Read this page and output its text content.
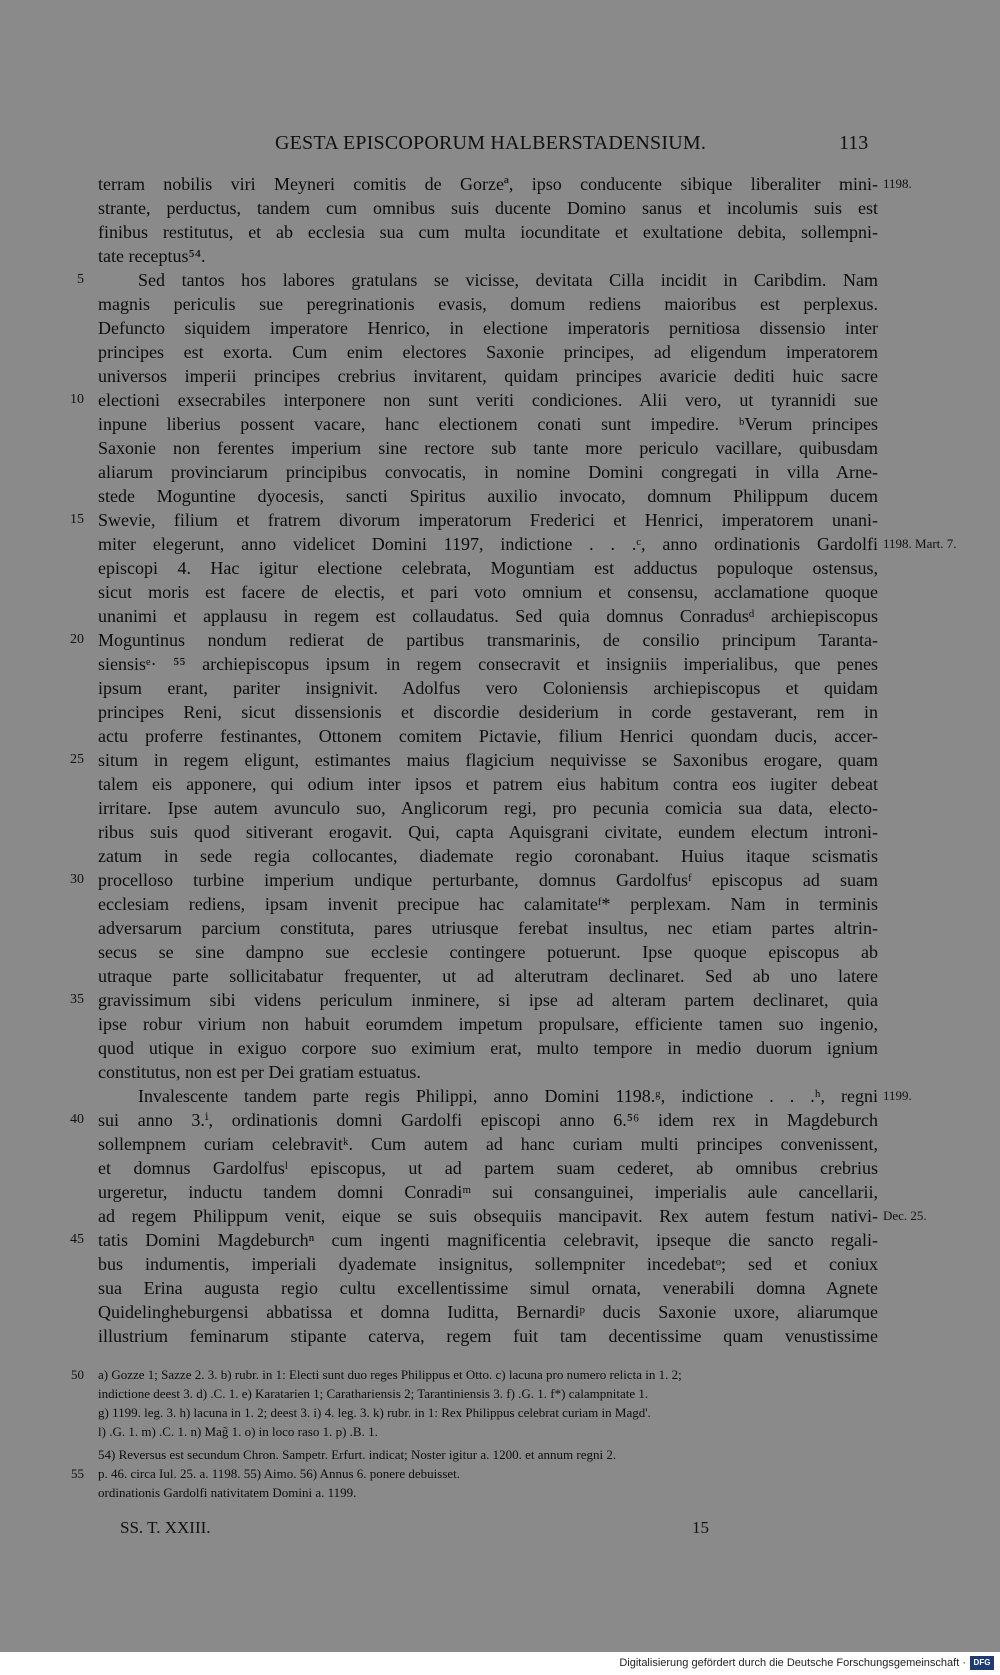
GESTA EPISCOPORUM HALBERSTADENSIUM.	113
terram nobilis viri Meyneri comitis de Gorzeª, ipso conducente sibique liberaliter mini- 1198.
strante, perductus, tandem cum omnibus suis ducente Domino sanus et incolumis suis est
finibus restitutus, et ab ecclesia sua cum multa iocunditate et exultatione debita, sollempni-
tate receptus⁵⁴.
5	Sed tantos hos labores gratulans se vicisse, devitata Cilla incidit in Caribdim. Nam
magnis periculis sue peregrinationis evasis, domum rediens maioribus est perplexus.
Defuncto siquidem imperatore Henrico, in electione imperatoris pernitiosa dissensio inter
principes est exorta. Cum enim electores Saxonie principes, ad eligendum imperatorem
universos imperii principes crebrius invitarent, quidam principes avaricie dediti huic sacre
10 electioni exsecrabiles interponere non sunt veriti condiciones. Alii vero, ut tyrannidi sue
inpune liberius possent vacare, hanc electionem conati sunt impedire. ᵇVerum principes
Saxonie non ferentes imperium sine rectore sub tante more periculo vacillare, quibusdam
aliarum provinciarum principibus convocatis, in nomine Domini congregati in villa Arne-
stede Moguntine dyocesis, sancti Spiritus auxilio invocato, domnum Philippum ducem
15 Swevie, filium et fratrem divorum imperatorum Frederici et Henrici, imperatorem unani-
miter elegerunt, anno videlicet Domini 1197, indictione . . .ᶜ, anno ordinationis Gardolfi 1198. Mart. 7.
episcopi 4. Hac igitur electione celebrata, Moguntiam est adductus populoque ostensus,
sicut moris est facere de electis, et pari voto omnium et consensu, acclamatione quoque
unanimi et applausu in regem est collaudatus. Sed quia domnus Conradusᵈ archiepiscopus
20 Moguntinus nondum redierat de partibus transmarinis, de consilio principum Taranta-
siensisᵉ· ⁵⁵ archiepiscopus ipsum in regem consecravit et insigniis imperialibus, que penes
ipsum erant, pariter insignivit. Adolfus vero Coloniensis archiepiscopus et quidam
principes Reni, sicut dissensionis et discordie desiderium in corde gestaverant, rem in
actu proferre festinantes, Ottonem comitem Pictavie, filium Henrici quondam ducis, accer-
25 situm in regem eligunt, estimantes maius flagicium nequivisse se Saxonibus erogare, quam
talem eis apponere, qui odium inter ipsos et patrem eius habitum contra eos iugiter debeat
irritare. Ipse autem avunculo suo, Anglicorum regi, pro pecunia comicia sua data, electo-
ribus suis quod sitiverant erogavit. Qui, capta Aquisgrani civitate, eundem electum introni-
zatum in sede regia collocantes, diademate regio coronabant. Huius itaque scismatis
30 procelloso turbine imperium undique perturbante, domnus Gardolfusᶠ episcopus ad suam
ecclesiam rediens, ipsam invenit precipue hac calamitateᶠ* perplexam. Nam in terminis
adversarum parcium constituta, pares utriusque ferebat insultus, nec etiam partes altrin-
secus se sine dampno sue ecclesie contingere potuerunt. Ipse quoque episcopus ab
utraque parte sollicitabatur frequenter, ut ad alterutram declinaret. Sed ab uno latere
35 gravissimum sibi videns periculum inminere, si ipse ad alteram partem declinaret, quia
ipse robur virium non habuit eorumdem impetum propulsare, efficiente tamen suo ingenio,
quod utique in exiguo corpore suo eximium erat, multo tempore in medio duorum ignium
constitutus, non est per Dei gratiam estuatus.
Invalescente tandem parte regis Philippi, anno Domini 1198.ᵍ, indictione . . .ʰ, regni 1199.
40 sui anno 3.ⁱ, ordinationis domni Gardolfi episcopi anno 6.⁵⁶ idem rex in Magdeburch
sollempnem curiam celebravitᵏ. Cum autem ad hanc curiam multi principes convenissent,
et domnus Gardolfusˡ episcopus, ut ad partem suam cederet, ab omnibus crebrius
urgeretur, inductu tandem domni Conradiᵐ sui consanguinei, imperialis aule cancellarii,
ad regem Philippum venit, eique se suis obsequiis mancipavit. Rex autem festum nativi- Dec. 25.
45 tatis Domini Magdeburchⁿ cum ingenti magnificentia celebravit, ipseque die sancto regali-
bus indumentis, imperiali dyademate insignitus, sollempniter incedebatᵒ; sed et coniux
sua Erina augusta regio cultu excellentissime simul ornata, venerabili domna Agnete
Quidelingheburgensi abbatissa et domna Iuditta, Bernardiᵖ ducis Saxonie uxore, aliarumque
illustrium feminarum stipante caterva, regem fuit tam decentissime quam venustissime
50 a) Gozze 1; Sazze 2. 3. b) rubr. in 1: Electi sunt duo reges Philippus et Otto. c) lacuna pro numero relicta in 1. 2;
indictione deest 3. d) .C. 1. e) Karatarien 1; Carathariensis 2; Tarantiniensis 3. f) .G. 1. f*) calampnitate 1.
g) 1199. leg. 3. h) lacuna in 1. 2; deest 3. i) 4. leg. 3. k) rubr. in 1: Rex Philippus celebrat curiam in Magd'.
l) .G. 1. m) .C. 1. n) Mag̃ 1. o) in loco raso 1. p) .B. 1.
54) Reversus est secundum Chron. Sampetr. Erfurt. indicat; Noster igitur a. 1200. et annum regni 2.
55 p. 46. circa Iul. 25. a. 1198. 55) Aimo. 56) Annus 6. ponere debuisset.
ordinationis Gardolfi nativitatem Domini a. 1199.
SS. T. XXIII.	15
Digitalisierung gefördert durch die Deutsche Forschungsgemeinschaft · DFG
